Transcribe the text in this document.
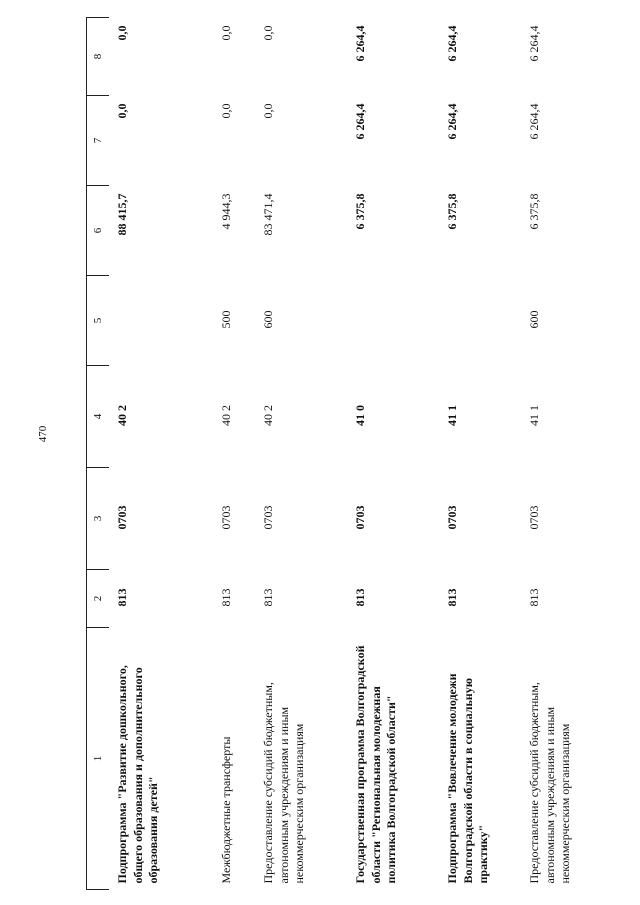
470
1	2	3	4	5	6	7	8
Подпрограмма "Развитие дошкольного, общего образования и дополнительного образования детей"	813	0703	40 2		88 415,7	0,0	0,0
Межбюджетные трансферты	813	0703	40 2	500	4 944,3	0,0	0,0
Предоставление субсидий бюджетным, автономным учреждениям и иным некоммерческим организациям	813	0703	40 2	600	83 471,4	0,0	0,0
Государственная программа Волгоградской области "Региональная молодежная политика Волгоградской области"	813	0703	41 0		6 375,8	6 264,4	6 264,4
Подпрограмма "Вовлечение молодежи Волгоградской области в социальную практику"	813	0703	41 1		6 375,8	6 264,4	6 264,4
Предоставление субсидий бюджетным, автономным учреждениям и иным некоммерческим организациям	813	0703	41 1	600	6 375,8	6 264,4	6 264,4
